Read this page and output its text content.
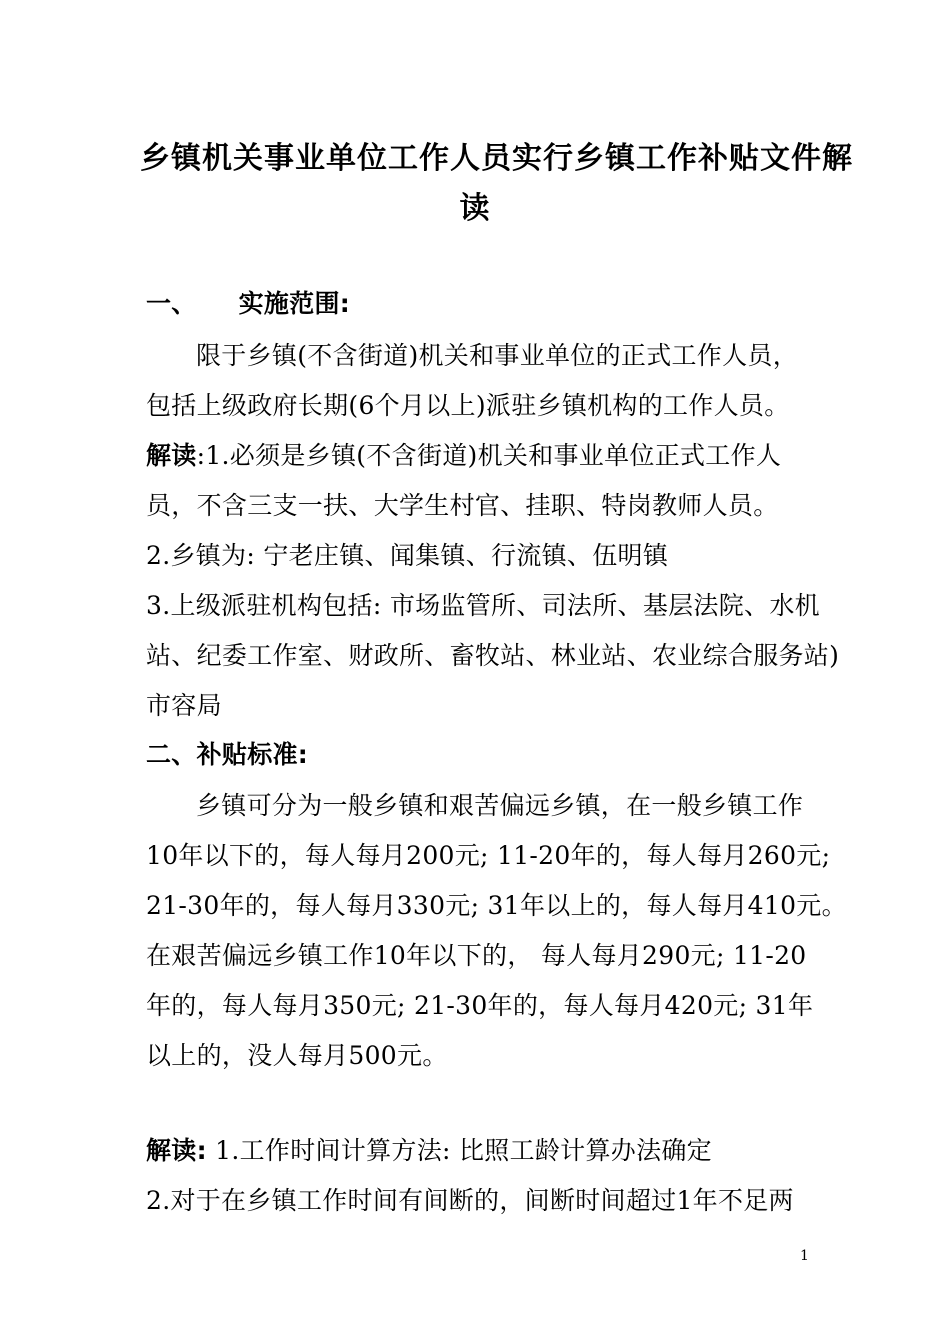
乡镇机关事业单位工作人员实行乡镇工作补贴文件解
读
一、 实施范围:
限于乡镇(不含街道)机关和事业单位的正式工作人员，
包括上级政府长期(6个月以上)派驻乡镇机构的工作人员。
解读:1.必须是乡镇(不含街道)机关和事业单位正式工作人
员，不含三支一扶、大学生村官、挂职、特岗教师人员。
2.乡镇为: 宁老庄镇、闻集镇、行流镇、伍明镇
3.上级派驻机构包括: 市场监管所、司法所、基层法院、水机
站、纪委工作室、财政所、畜牧站、林业站、农业综合服务站)
市容局
二、补贴标准:
乡镇可分为一般乡镇和艰苦偏远乡镇，在一般乡镇工作
10年以下的，每人每月200元; 11-20年的，每人每月260元;
21-30年的，每人每月330元; 31年以上的，每人每月410元。
在艰苦偏远乡镇工作10年以下的， 每人每月290元; 11-20
年的，每人每月350元; 21-30年的，每人每月420元; 31年
以上的，没人每月500元。
解读: 1.工作时间计算方法: 比照工龄计算办法确定
2.对于在乡镇工作时间有间断的，间断时间超过1年不足两
1
